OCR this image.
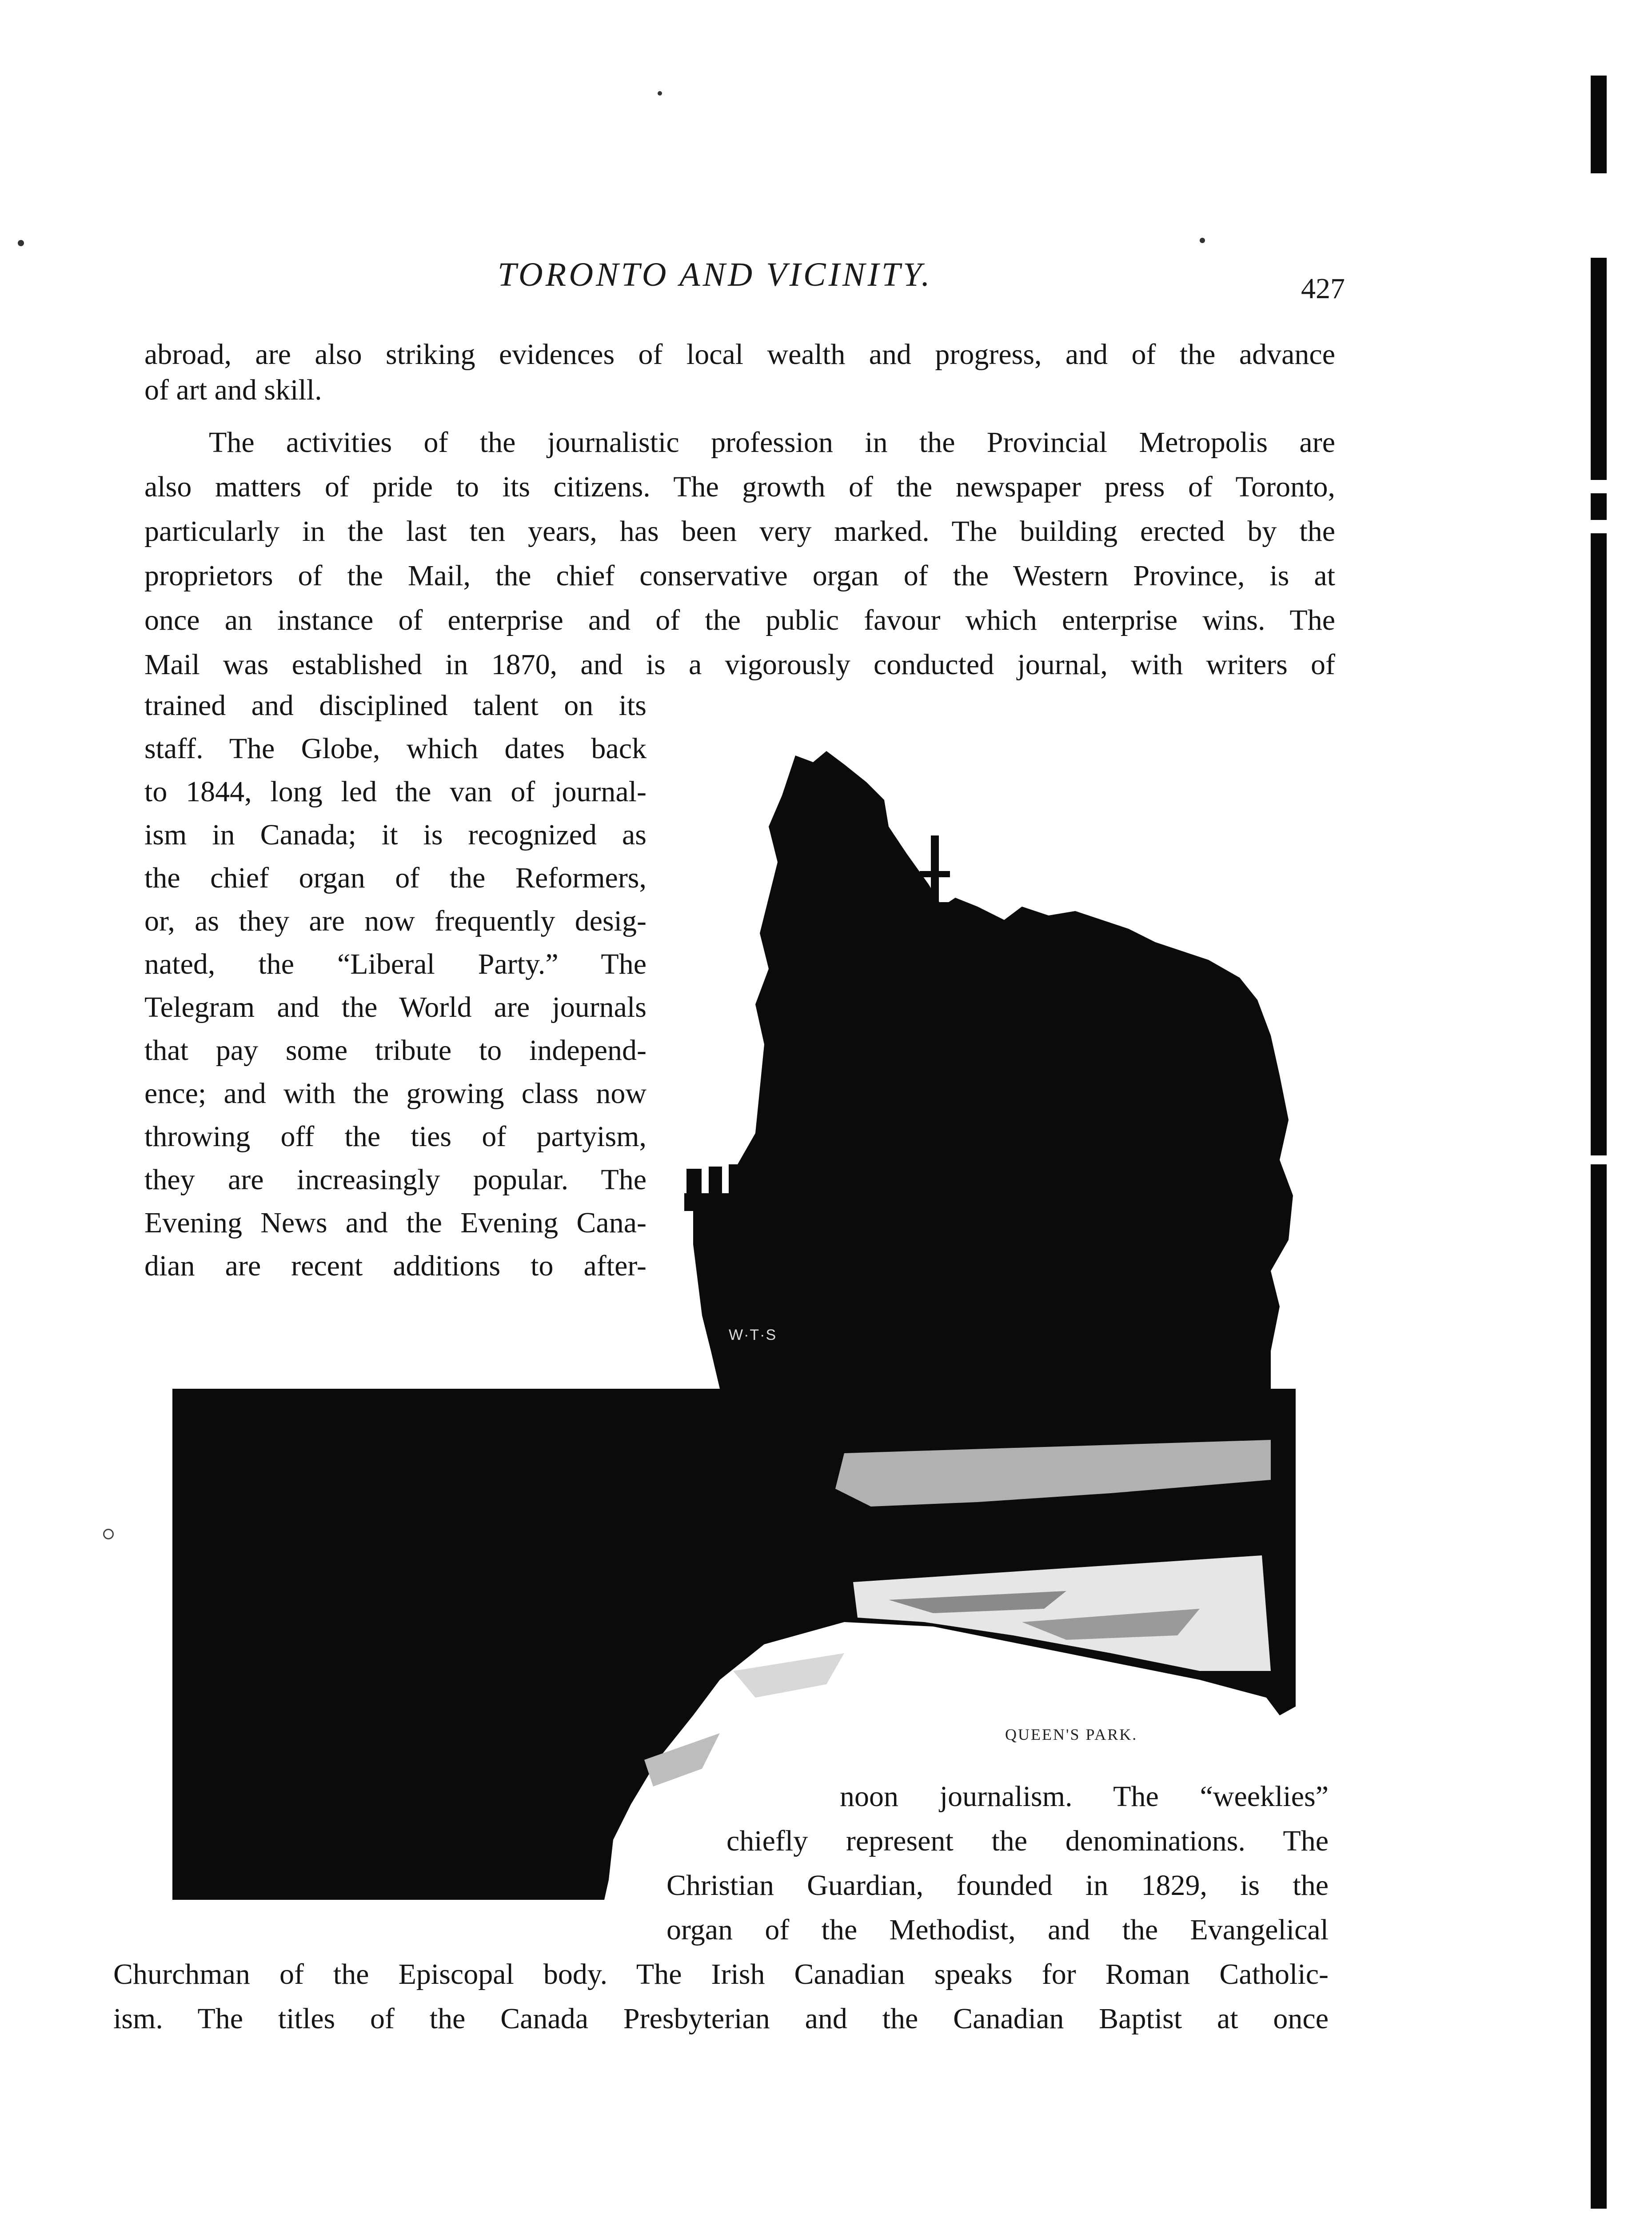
TORONTO AND VICINITY.	427
abroad, are also striking evidences of local wealth and progress, and of the advance
of art and skill.
The activities of the journalistic profession in the Provincial Metropolis are
also matters of pride to its citizens. The growth of the newspaper press of Toronto,
particularly in the last ten years, has been very marked. The building erected by the
proprietors of the Mail, the chief conservative organ of the Western Province, is at
once an instance of enterprise and of the public favour which enterprise wins. The
Mail was established in 1870, and is a vigorously conducted journal, with writers of
trained and disciplined talent on its
staff. The Globe, which dates back
to 1844, long led the van of journal-
ism in Canada; it is recognized as
the chief organ of the Reformers,
or, as they are now frequently desig-
nated, the “Liberal Party.” The
Telegram and the World are journals
that pay some tribute to independ-
ence; and with the growing class now
throwing off the ties of partyism,
they are increasingly popular. The
Evening News and the Evening Cana-
dian are recent additions to after-
W·T·S
QUEEN'S PARK.
noon journalism. The “weeklies”
chiefly represent the denominations. The
Christian Guardian, founded in 1829, is the
organ of the Methodist, and the Evangelical
Churchman of the Episcopal body. The Irish Canadian speaks for Roman Catholic-
ism. The titles of the Canada Presbyterian and the Canadian Baptist at once
